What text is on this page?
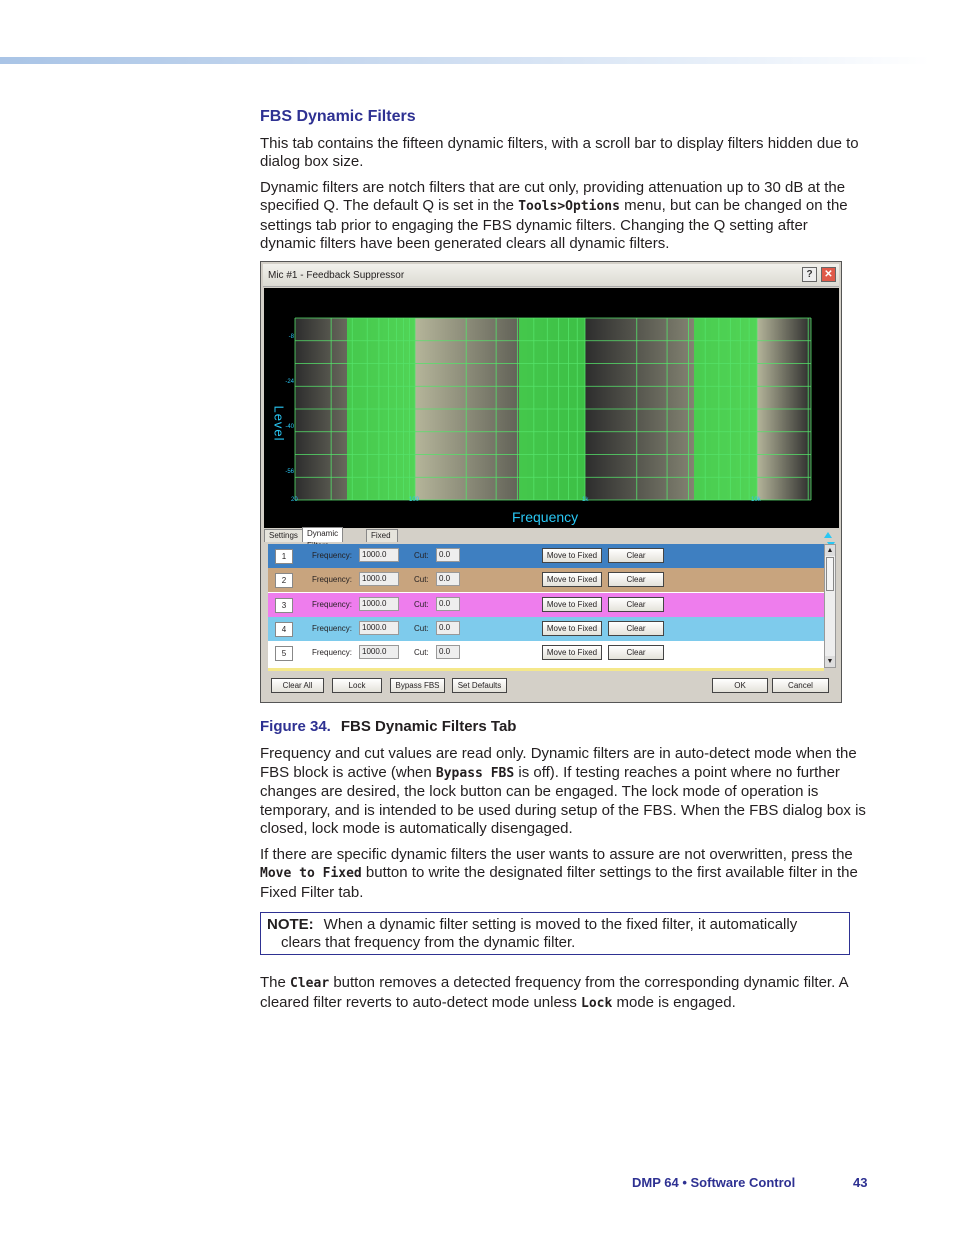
FBS Dynamic Filters

This tab contains the fifteen dynamic filters, with a scroll bar to display filters hidden due to dialog box size.

Dynamic filters are notch filters that are cut only, providing attenuation up to 30 dB at the specified Q. The default Q is set in the Tools>Options menu, but can be changed on the settings tab prior to engaging the FBS dynamic filters. Changing the Q setting after dynamic filters have been generated clears all dynamic filters.

Mic #1 - Feedback Suppressor	?	✕
Level
-8
-24
-40
-56
20	100	1k	10k
Frequency
Settings	Dynamic	Fixed
1	Frequency:	1000.0	Cut:	0.0	Move to Fixed	Clear
2	Frequency:	1000.0	Cut:	0.0	Move to Fixed	Clear
3	Frequency:	1000.0	Cut:	0.0	Move to Fixed	Clear
4	Frequency:	1000.0	Cut:	0.0	Move to Fixed	Clear
5	Frequency:	1000.0	Cut:	0.0	Move to Fixed	Clear
▲
▼
Clear All	Lock	Bypass FBS	Set Defaults	OK	Cancel
Figure 34. FBS Dynamic Filters Tab

Frequency and cut values are read only. Dynamic filters are in auto-detect mode when the FBS block is active (when Bypass FBS is off). If testing reaches a point where no further changes are desired, the lock button can be engaged. The lock mode of operation is temporary, and is intended to be used during setup of the FBS. When the FBS dialog box is closed, lock mode is automatically disengaged.

If there are specific dynamic filters the user wants to assure are not overwritten, press the Move to Fixed button to write the designated filter settings to the first available filter in the Fixed Filter tab.

NOTE: When a dynamic filter setting is moved to the fixed filter, it automatically
clears that frequency from the dynamic filter.

The Clear button removes a detected frequency from the corresponding dynamic filter. A cleared filter reverts to auto-detect mode unless Lock mode is engaged.

DMP 64 • Software Control	43
